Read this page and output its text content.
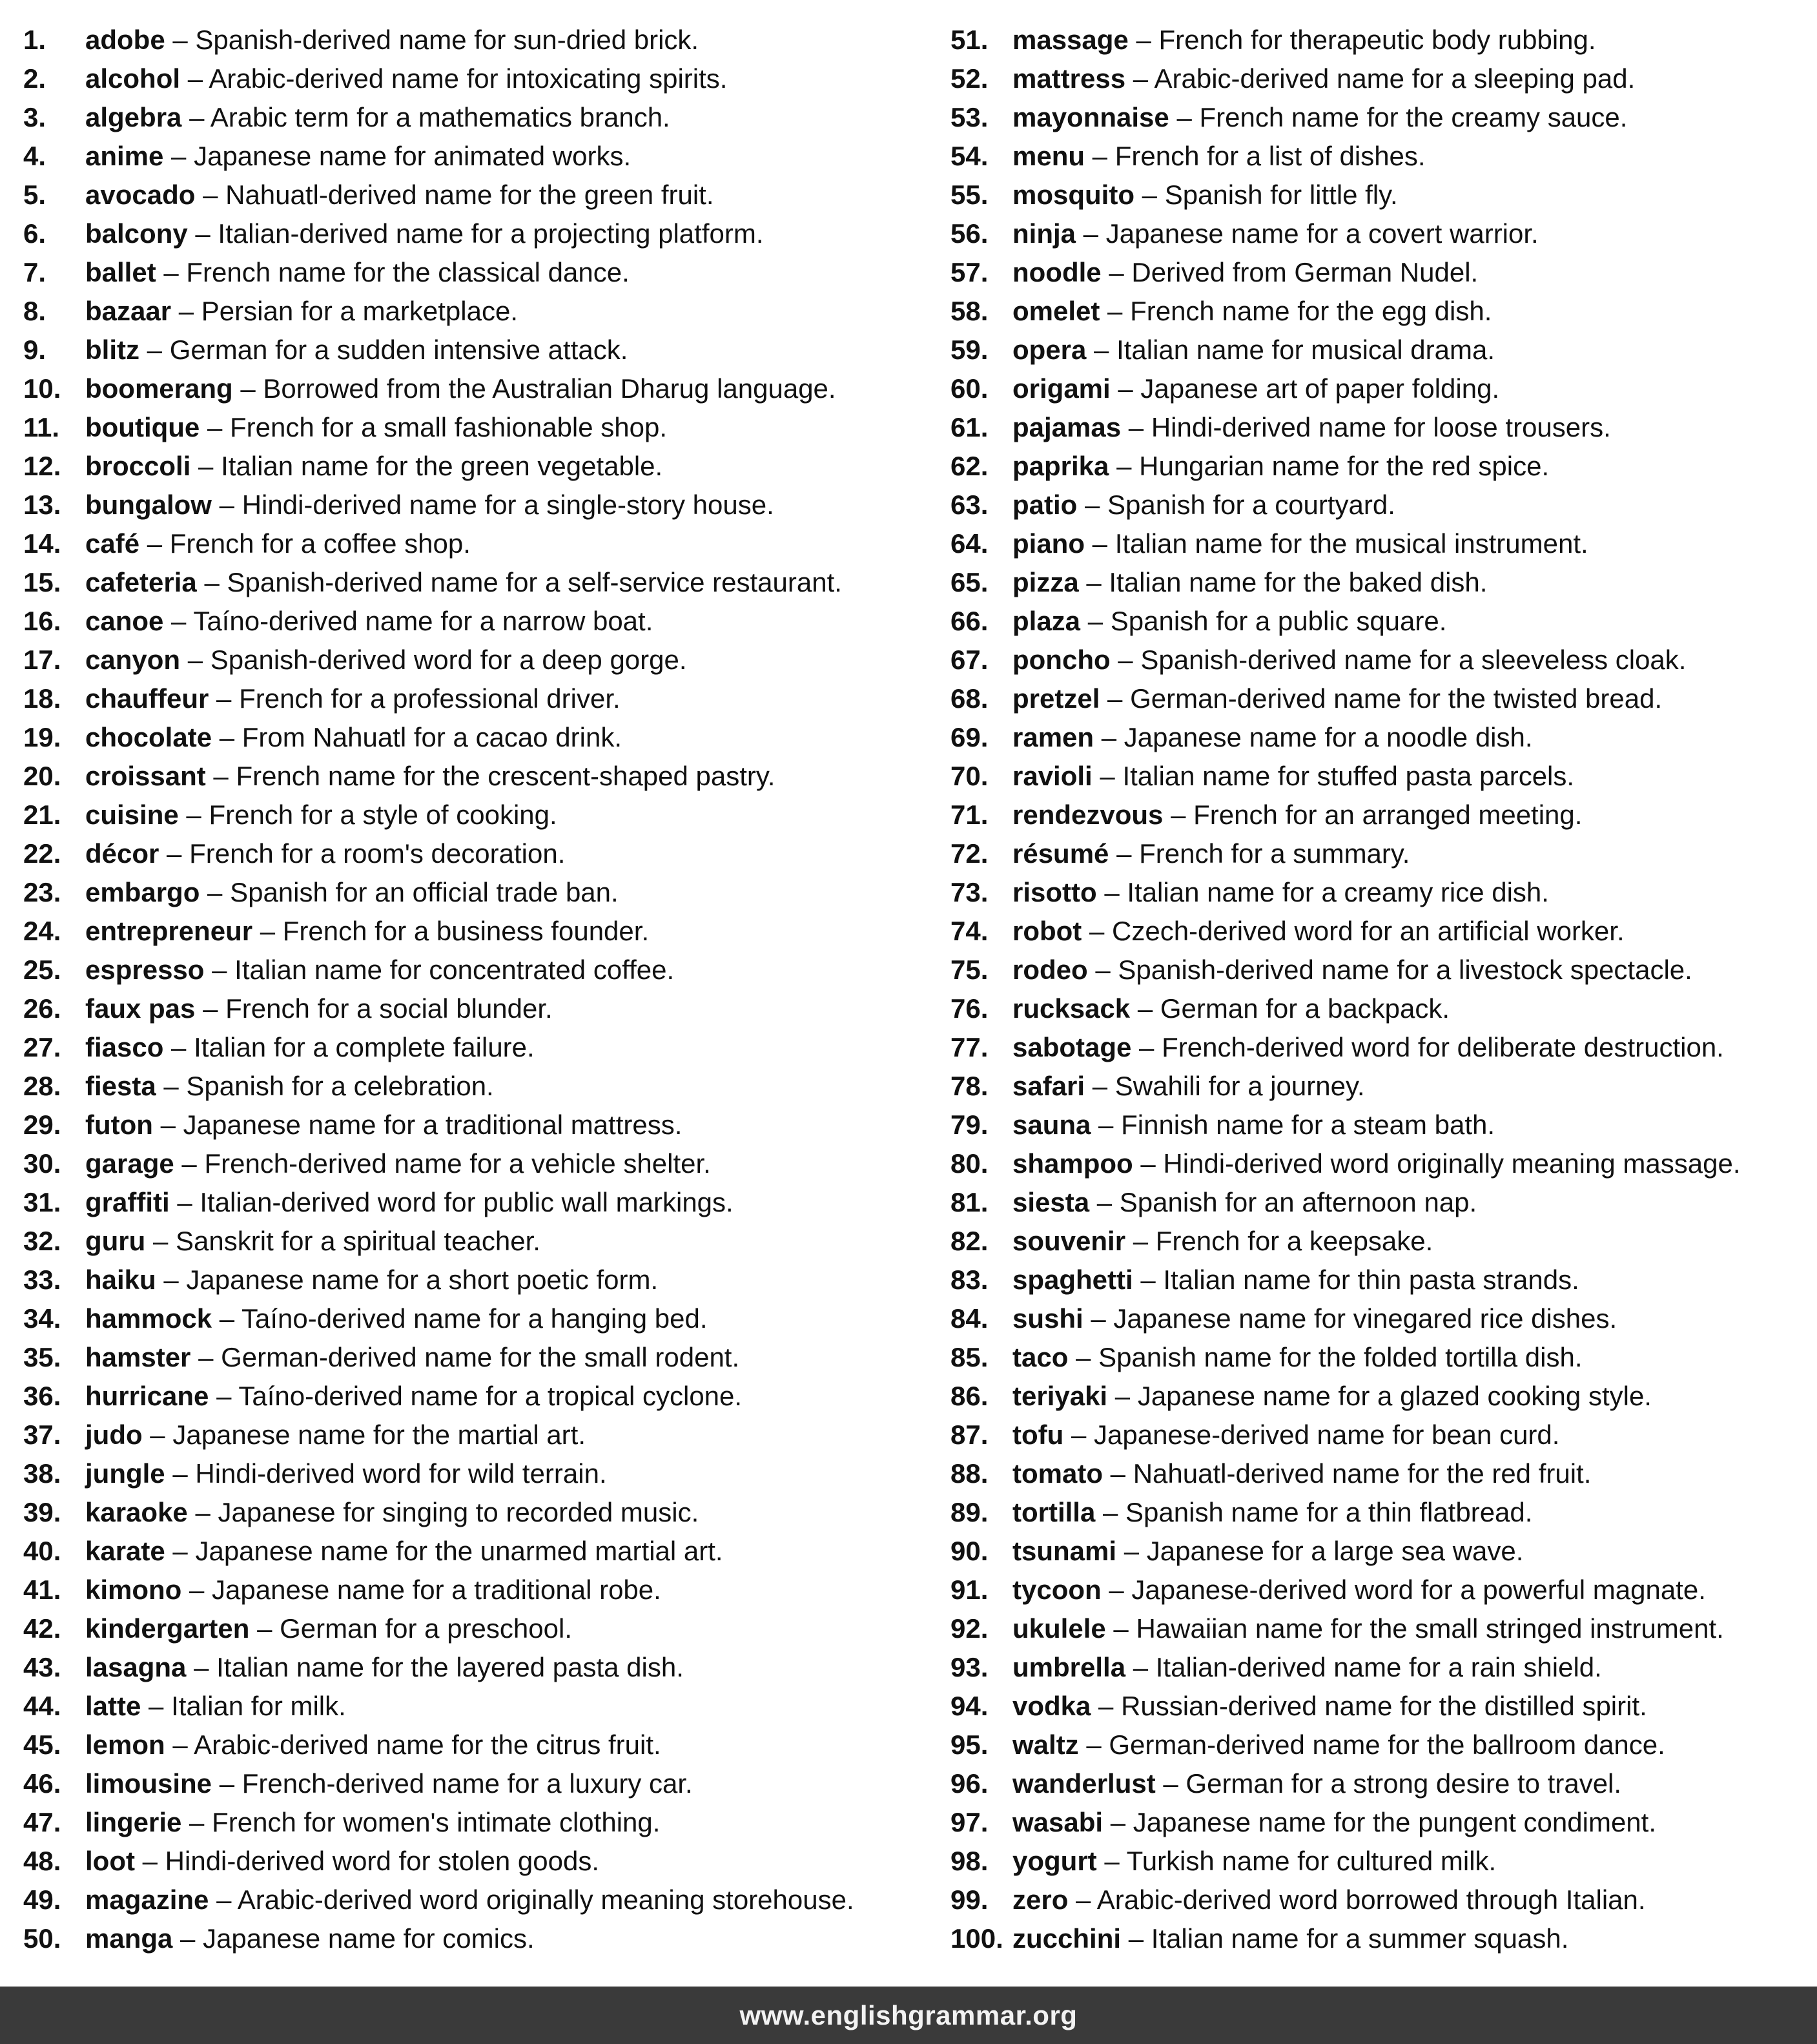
1. adobe – Spanish-derived name for sun-dried brick.
2. alcohol – Arabic-derived name for intoxicating spirits.
3. algebra – Arabic term for a mathematics branch.
4. anime – Japanese name for animated works.
5. avocado – Nahuatl-derived name for the green fruit.
6. balcony – Italian-derived name for a projecting platform.
7. ballet – French name for the classical dance.
8. bazaar – Persian for a marketplace.
9. blitz – German for a sudden intensive attack.
10. boomerang – Borrowed from the Australian Dharug language.
11. boutique – French for a small fashionable shop.
12. broccoli – Italian name for the green vegetable.
13. bungalow – Hindi-derived name for a single-story house.
14. café – French for a coffee shop.
15. cafeteria – Spanish-derived name for a self-service restaurant.
16. canoe – Taíno-derived name for a narrow boat.
17. canyon – Spanish-derived word for a deep gorge.
18. chauffeur – French for a professional driver.
19. chocolate – From Nahuatl for a cacao drink.
20. croissant – French name for the crescent-shaped pastry.
21. cuisine – French for a style of cooking.
22. décor – French for a room's decoration.
23. embargo – Spanish for an official trade ban.
24. entrepreneur – French for a business founder.
25. espresso – Italian name for concentrated coffee.
26. faux pas – French for a social blunder.
27. fiasco – Italian for a complete failure.
28. fiesta – Spanish for a celebration.
29. futon – Japanese name for a traditional mattress.
30. garage – French-derived name for a vehicle shelter.
31. graffiti – Italian-derived word for public wall markings.
32. guru – Sanskrit for a spiritual teacher.
33. haiku – Japanese name for a short poetic form.
34. hammock – Taíno-derived name for a hanging bed.
35. hamster – German-derived name for the small rodent.
36. hurricane – Taíno-derived name for a tropical cyclone.
37. judo – Japanese name for the martial art.
38. jungle – Hindi-derived word for wild terrain.
39. karaoke – Japanese for singing to recorded music.
40. karate – Japanese name for the unarmed martial art.
41. kimono – Japanese name for a traditional robe.
42. kindergarten – German for a preschool.
43. lasagna – Italian name for the layered pasta dish.
44. latte – Italian for milk.
45. lemon – Arabic-derived name for the citrus fruit.
46. limousine – French-derived name for a luxury car.
47. lingerie – French for women's intimate clothing.
48. loot – Hindi-derived word for stolen goods.
49. magazine – Arabic-derived word originally meaning storehouse.
50. manga – Japanese name for comics.
51. massage – French for therapeutic body rubbing.
52. mattress – Arabic-derived name for a sleeping pad.
53. mayonnaise – French name for the creamy sauce.
54. menu – French for a list of dishes.
55. mosquito – Spanish for little fly.
56. ninja – Japanese name for a covert warrior.
57. noodle – Derived from German Nudel.
58. omelet – French name for the egg dish.
59. opera – Italian name for musical drama.
60. origami – Japanese art of paper folding.
61. pajamas – Hindi-derived name for loose trousers.
62. paprika – Hungarian name for the red spice.
63. patio – Spanish for a courtyard.
64. piano – Italian name for the musical instrument.
65. pizza – Italian name for the baked dish.
66. plaza – Spanish for a public square.
67. poncho – Spanish-derived name for a sleeveless cloak.
68. pretzel – German-derived name for the twisted bread.
69. ramen – Japanese name for a noodle dish.
70. ravioli – Italian name for stuffed pasta parcels.
71. rendezvous – French for an arranged meeting.
72. résumé – French for a summary.
73. risotto – Italian name for a creamy rice dish.
74. robot – Czech-derived word for an artificial worker.
75. rodeo – Spanish-derived name for a livestock spectacle.
76. rucksack – German for a backpack.
77. sabotage – French-derived word for deliberate destruction.
78. safari – Swahili for a journey.
79. sauna – Finnish name for a steam bath.
80. shampoo – Hindi-derived word originally meaning massage.
81. siesta – Spanish for an afternoon nap.
82. souvenir – French for a keepsake.
83. spaghetti – Italian name for thin pasta strands.
84. sushi – Japanese name for vinegared rice dishes.
85. taco – Spanish name for the folded tortilla dish.
86. teriyaki – Japanese name for a glazed cooking style.
87. tofu – Japanese-derived name for bean curd.
88. tomato – Nahuatl-derived name for the red fruit.
89. tortilla – Spanish name for a thin flatbread.
90. tsunami – Japanese for a large sea wave.
91. tycoon – Japanese-derived word for a powerful magnate.
92. ukulele – Hawaiian name for the small stringed instrument.
93. umbrella – Italian-derived name for a rain shield.
94. vodka – Russian-derived name for the distilled spirit.
95. waltz – German-derived name for the ballroom dance.
96. wanderlust – German for a strong desire to travel.
97. wasabi – Japanese name for the pungent condiment.
98. yogurt – Turkish name for cultured milk.
99. zero – Arabic-derived word borrowed through Italian.
100. zucchini – Italian name for a summer squash.
www.englishgrammar.org
